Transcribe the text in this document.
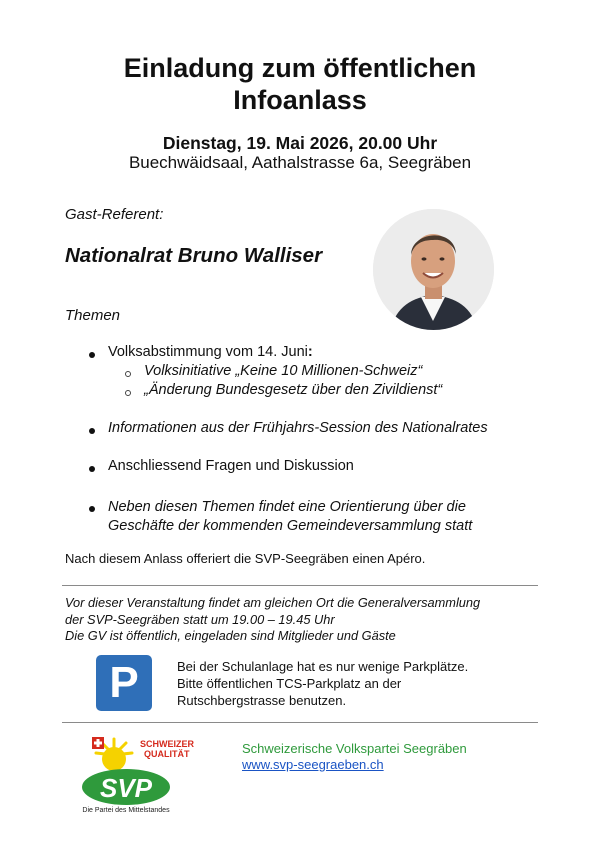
Einladung zum öffentlichen
Infoanlass
Dienstag, 19. Mai 2026, 20.00 Uhr
Buechwäidsaal, Aathalstrasse 6a, Seegräben
Gast-Referent:
Nationalrat Bruno Walliser
Themen
Volksabstimmung vom 14. Juni:
Volksinitiative „Keine 10 Millionen-Schweiz“
„Änderung Bundesgesetz über den Zivildienst“
Informationen aus der Frühjahrs-Session des Nationalrates
Anschliessend Fragen und Diskussion
Neben diesen Themen findet eine Orientierung über die
Geschäfte der kommenden Gemeindeversammlung statt
Nach diesem Anlass offeriert die SVP-Seegräben einen Apéro.
Vor dieser Veranstaltung findet am gleichen Ort die Generalversammlung
der SVP-Seegräben statt um 19.00 – 19.45 Uhr
Die GV ist öffentlich, eingeladen sind Mitglieder und Gäste
P	Bei der Schulanlage hat es nur wenige Parkplätze.
Bitte öffentlichen TCS-Parkplatz an der
Rutschbergstrasse benutzen.
SCHWEIZER
QUALITÄT
SVP
Die Partei des Mittelstandes
Schweizerische Volkspartei Seegräben
www.svp-seegraeben.ch
